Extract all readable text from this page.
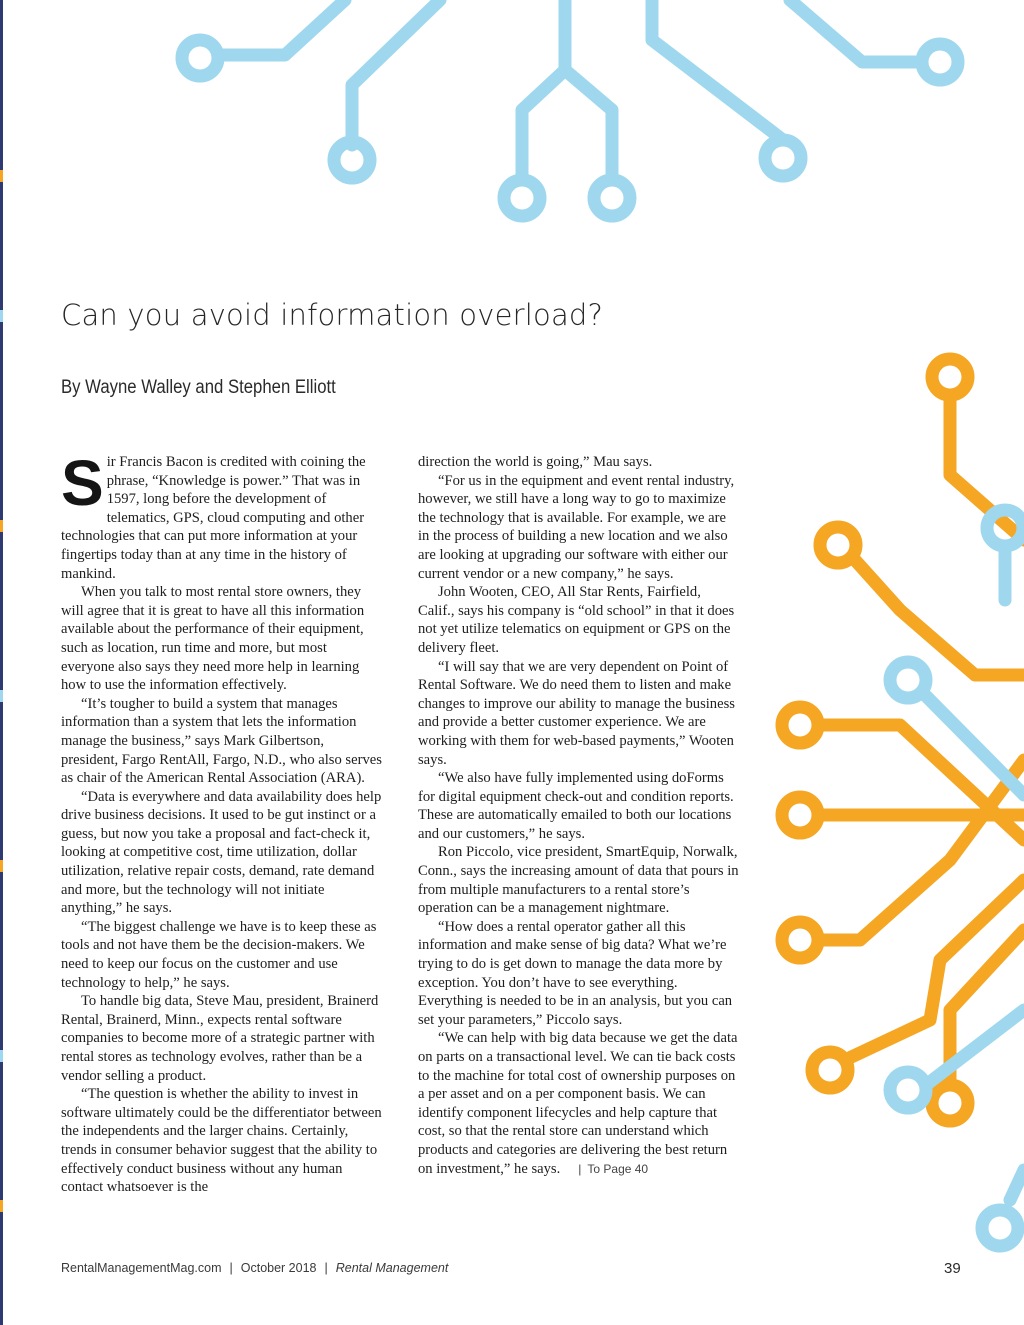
Can you avoid information overload?
By Wayne Walley and Stephen Elliott

Sir Francis Bacon is credited with coining the phrase, “Knowledge is power.” That was in 1597, long before the development of telematics, GPS, cloud computing and other technologies that can put more information at your fingertips today than at any time in the history of mankind.

When you talk to most rental store owners, they will agree that it is great to have all this information available about the performance of their equipment, such as location, run time and more, but most everyone also says they need more help in learning how to use the information effectively.

“It’s tougher to build a system that manages information than a system that lets the information manage the business,” says Mark Gilbertson, president, Fargo RentAll, Fargo, N.D., who also serves as chair of the American Rental Association (ARA).

“Data is everywhere and data availability does help drive business decisions. It used to be gut instinct or a guess, but now you take a proposal and fact-check it, looking at competitive cost, time utilization, dollar utilization, relative repair costs, demand, rate demand and more, but the technology will not initiate anything,” he says.

“The biggest challenge we have is to keep these as tools and not have them be the decision-makers. We need to keep our focus on the customer and use technology to help,” he says.

To handle big data, Steve Mau, president, Brainerd Rental, Brainerd, Minn., expects rental software companies to become more of a strategic partner with rental stores as technology evolves, rather than be a vendor selling a product.

“The question is whether the ability to invest in software ultimately could be the differentiator between the independents and the larger chains. Certainly, trends in consumer behavior suggest that the ability to effectively conduct business without any human contact whatsoever is the

direction the world is going,” Mau says.

“For us in the equipment and event rental industry, however, we still have a long way to go to maximize the technology that is available. For example, we are in the process of building a new location and we also are looking at upgrading our software with either our current vendor or a new company,” he says.

John Wooten, CEO, All Star Rents, Fairfield, Calif., says his company is “old school” in that it does not yet utilize telematics on equipment or GPS on the delivery fleet.

“I will say that we are very dependent on Point of Rental Software. We do need them to listen and make changes to improve our ability to manage the business and provide a better customer experience. We are working with them for web-based payments,” Wooten says.

“We also have fully implemented using doForms for digital equipment check-out and condition reports. These are automatically emailed to both our locations and our customers,” he says.

Ron Piccolo, vice president, SmartEquip, Norwalk, Conn., says the increasing amount of data that pours in from multiple manufacturers to a rental store’s operation can be a management nightmare.

“How does a rental operator gather all this information and make sense of big data? What we’re trying to do is get down to manage the data more by exception. You don’t have to see everything. Everything is needed to be in an analysis, but you can set your parameters,” Piccolo says.

“We can help with big data because we get the data on parts on a transactional level. We can tie back costs to the machine for total cost of ownership purposes on a per asset and on a per component basis. We can identify component lifecycles and help capture that cost, so that the rental store can understand which products and categories are delivering the best return on investment,” he says. | To Page 40

RentalManagementMag.com | October 2018 | Rental Management	39
